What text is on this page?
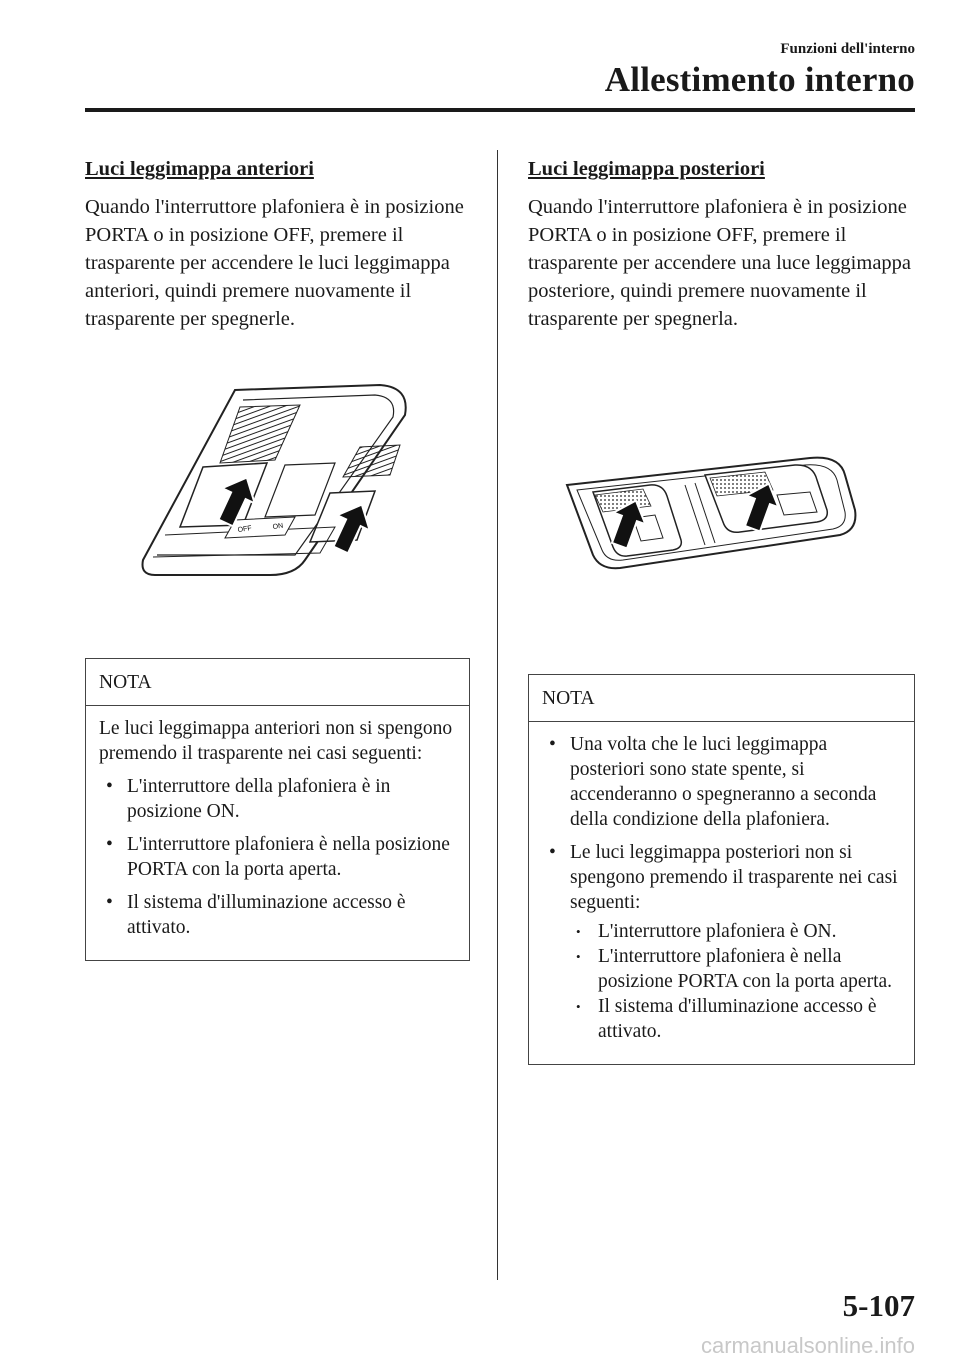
Funzioni dell'interno
Allestimento interno
Luci leggimappa anteriori

Quando l'interruttore plafoniera è in posizione PORTA o in posizione OFF, premere il trasparente per accendere le luci leggimappa anteriori, quindi premere nuovamente il trasparente per spegnerle.

OFF	ON
NOTA

Le luci leggimappa anteriori non si spengono premendo il trasparente nei casi seguenti:

• L'interruttore della plafoniera è in posizione ON.
• L'interruttore plafoniera è nella posizione PORTA con la porta aperta.
• Il sistema d'illuminazione accesso è attivato.
Luci leggimappa posteriori

Quando l'interruttore plafoniera è in posizione PORTA o in posizione OFF, premere il trasparente per accendere una luce leggimappa posteriore, quindi premere nuovamente il trasparente per spegnerla.

NOTA
• Una volta che le luci leggimappa posteriori sono state spente, si accenderanno o spegneranno a seconda della condizione della plafoniera.
• Le luci leggimappa posteriori non si spengono premendo il trasparente nei casi seguenti:
• L'interruttore plafoniera è ON.
• L'interruttore plafoniera è nella posizione PORTA con la porta aperta.
• Il sistema d'illuminazione accesso è attivato.
5-107
carmanualsonline.info
